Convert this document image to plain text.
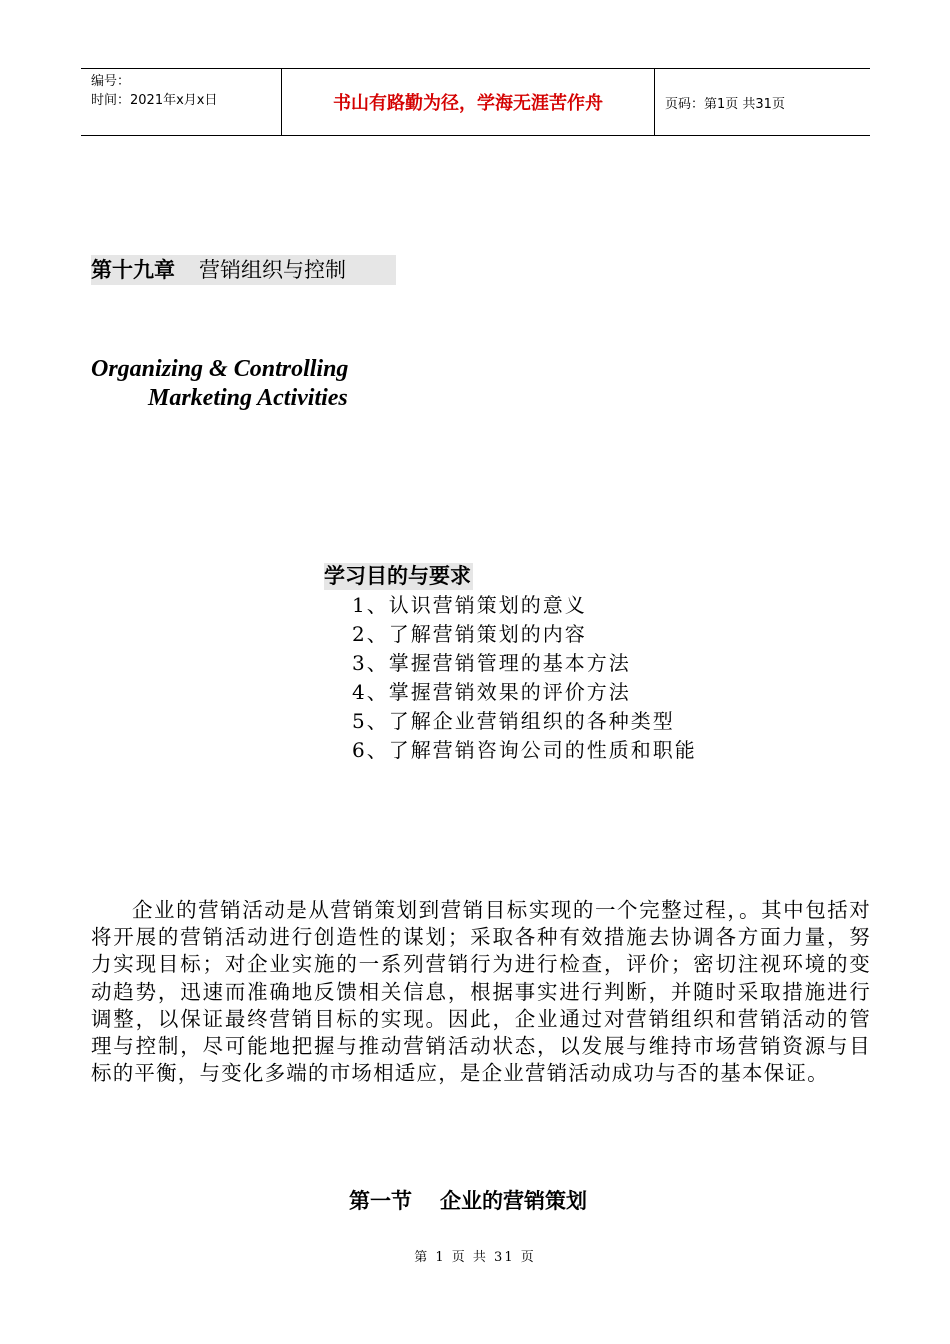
编号：
时间：2021年x月x日	书山有路勤为径，学海无涯苦作舟	页码：第1页 共31页
第十九章 营销组织与控制
Organizing & Controlling
Marketing Activities
学习目的与要求
1、认识营销策划的意义
2、了解营销策划的内容
3、掌握营销管理的基本方法
4、掌握营销效果的评价方法
5、了解企业营销组织的各种类型
6、了解营销咨询公司的性质和职能

企业的营销活动是从营销策划到营销目标实现的一个完整过程，。其中包括对将开展的营销活动进行创造性的谋划；采取各种有效措施去协调各方面力量，努力实现目标；对企业实施的一系列营销行为进行检查，评价；密切注视环境的变动趋势，迅速而准确地反馈相关信息，根据事实进行判断，并随时采取措施进行调整，以保证最终营销目标的实现。因此，企业通过对营销组织和营销活动的管理与控制，尽可能地把握与推动营销活动状态，以发展与维持市场营销资源与目标的平衡，与变化多端的市场相适应，是企业营销活动成功与否的基本保证。

第一节 企业的营销策划
第 1 页 共 31 页
